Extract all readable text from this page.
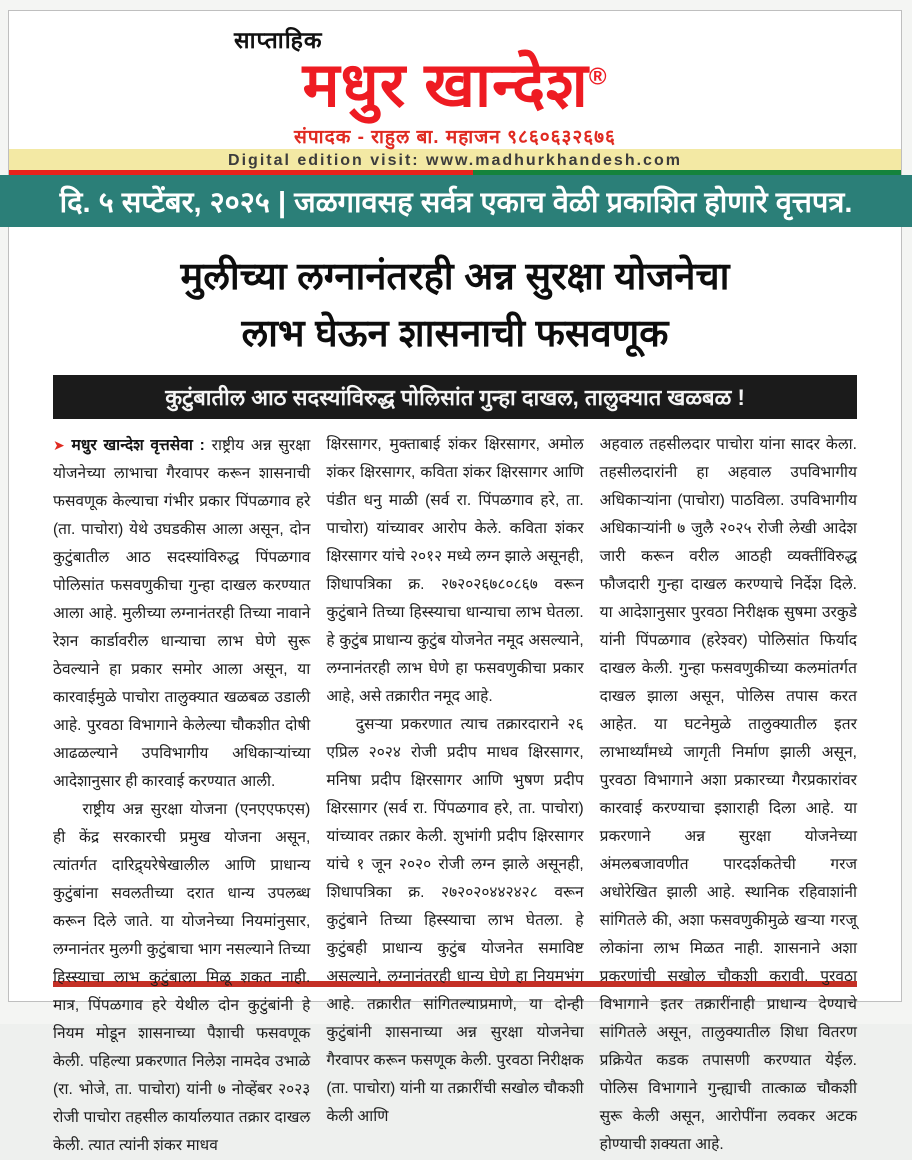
साप्ताहिक
मधुर खान्देश®
संपादक - राहुल बा. महाजन ९८६०६३२६७६
Digital edition visit: www.madhurkhandesh.com
दि. ५ सप्टेंबर, २०२५ | जळगावसह सर्वत्र एकाच वेळी प्रकाशित होणारे वृत्तपत्र.
मुलीच्या लग्नानंतरही अन्न सुरक्षा योजनेचा
लाभ घेऊन शासनाची फसवणूक
कुटुंबातील आठ सदस्यांविरुद्ध पोलिसांत गुन्हा दाखल, तालुक्यात खळबळ !

➤ मधुर खान्देश वृत्तसेवा : राष्ट्रीय अन्न सुरक्षा योजनेच्या लाभाचा गैरवापर करून शासनाची फसवणूक केल्याचा गंभीर प्रकार पिंपळगाव हरे (ता. पाचोरा) येथे उघडकीस आला असून, दोन कुटुंबातील आठ सदस्यांविरुद्ध पिंपळगाव पोलिसांत फसवणुकीचा गुन्हा दाखल करण्यात आला आहे. मुलीच्या लग्नानंतरही तिच्या नावाने रेशन कार्डावरील धान्याचा लाभ घेणे सुरू ठेवल्याने हा प्रकार समोर आला असून, या कारवाईमुळे पाचोरा तालुक्यात खळबळ उडाली आहे. पुरवठा विभागाने केलेल्या चौकशीत दोषी आढळल्याने उपविभागीय अधिकाऱ्यांच्या आदेशानुसार ही कारवाई करण्यात आली.

राष्ट्रीय अन्न सुरक्षा योजना (एनएएफएस) ही केंद्र सरकारची प्रमुख योजना असून, त्यांतर्गत दारिद्र्यरेषेखालील आणि प्राधान्य कुटुंबांना सवलतीच्या दरात धान्य उपलब्ध करून दिले जाते. या योजनेच्या नियमांनुसार, लग्नानंतर मुलगी कुटुंबाचा भाग नसल्याने तिच्या हिस्स्याचा लाभ कुटुंबाला मिळू शकत नाही. मात्र, पिंपळगाव हरे येथील दोन कुटुंबांनी हे नियम मोडून शासनाच्या पैशाची फसवणूक केली. पहिल्या प्रकरणात निलेश नामदेव उभाळे (रा. भोजे, ता. पाचोरा) यांनी ७ नोव्हेंबर २०२३ रोजी पाचोरा तहसील कार्यालयात तक्रार दाखल केली. त्यात त्यांनी शंकर माधव

क्षिरसागर, मुक्ताबाई शंकर क्षिरसागर, अमोल शंकर क्षिरसागर, कविता शंकर क्षिरसागर आणि पंडीत धनु माळी (सर्व रा. पिंपळगाव हरे, ता. पाचोरा) यांच्यावर आरोप केले. कविता शंकर क्षिरसागर यांचे २०१२ मध्ये लग्न झाले असूनही, शिधापत्रिका क्र. २७२०२६७८०८६७ वरून कुटुंबाने तिच्या हिस्स्याचा धान्याचा लाभ घेतला. हे कुटुंब प्राधान्य कुटुंब योजनेत नमूद असल्याने, लग्नानंतरही लाभ घेणे हा फसवणुकीचा प्रकार आहे, असे तक्रारीत नमूद आहे.

दुसऱ्या प्रकरणात त्याच तक्रारदाराने २६ एप्रिल २०२४ रोजी प्रदीप माधव क्षिरसागर, मनिषा प्रदीप क्षिरसागर आणि भुषण प्रदीप क्षिरसागर (सर्व रा. पिंपळगाव हरे, ता. पाचोरा) यांच्यावर तक्रार केली. शुभांगी प्रदीप क्षिरसागर यांचे १ जून २०२० रोजी लग्न झाले असूनही, शिधापत्रिका क्र. २७२०२०४४२४२८ वरून कुटुंबाने तिच्या हिस्स्याचा लाभ घेतला. हे कुटुंबही प्राधान्य कुटुंब योजनेत समाविष्ट असल्याने, लग्नानंतरही धान्य घेणे हा नियमभंग आहे. तक्रारीत सांगितल्याप्रमाणे, या दोन्ही कुटुंबांनी शासनाच्या अन्न सुरक्षा योजनेचा गैरवापर करून फसणूक केली. पुरवठा निरीक्षक (ता. पाचोरा) यांनी या तक्रारींची सखोल चौकशी केली आणि

अहवाल तहसीलदार पाचोरा यांना सादर केला. तहसीलदारांनी हा अहवाल उपविभागीय अधिकाऱ्यांना (पाचोरा) पाठविला. उपविभागीय अधिकाऱ्यांनी ७ जुलै २०२५ रोजी लेखी आदेश जारी करून वरील आठही व्यक्तींविरुद्ध फौजदारी गुन्हा दाखल करण्याचे निर्देश दिले. या आदेशानुसार पुरवठा निरीक्षक सुषमा उरकुडे यांनी पिंपळगाव (हरेश्वर) पोलिसांत फिर्याद दाखल केली. गुन्हा फसवणुकीच्या कलमांतर्गत दाखल झाला असून, पोलिस तपास करत आहेत. या घटनेमुळे तालुक्यातील इतर लाभार्थ्यांमध्ये जागृती निर्माण झाली असून, पुरवठा विभागाने अशा प्रकारच्या गैरप्रकारांवर कारवाई करण्याचा इशाराही दिला आहे. या प्रकरणाने अन्न सुरक्षा योजनेच्या अंमलबजावणीत पारदर्शकतेची गरज अधोरेखित झाली आहे. स्थानिक रहिवाशांनी सांगितले की, अशा फसवणुकीमुळे खऱ्या गरजू लोकांना लाभ मिळत नाही. शासनाने अशा प्रकरणांची सखोल चौकशी करावी. पुरवठा विभागाने इतर तक्रारींनाही प्राधान्य देण्याचे सांगितले असून, तालुक्यातील शिधा वितरण प्रक्रियेत कडक तपासणी करण्यात येईल. पोलिस विभागाने गुन्ह्याची तात्काळ चौकशी सुरू केली असून, आरोपींना लवकर अटक होण्याची शक्यता आहे.
